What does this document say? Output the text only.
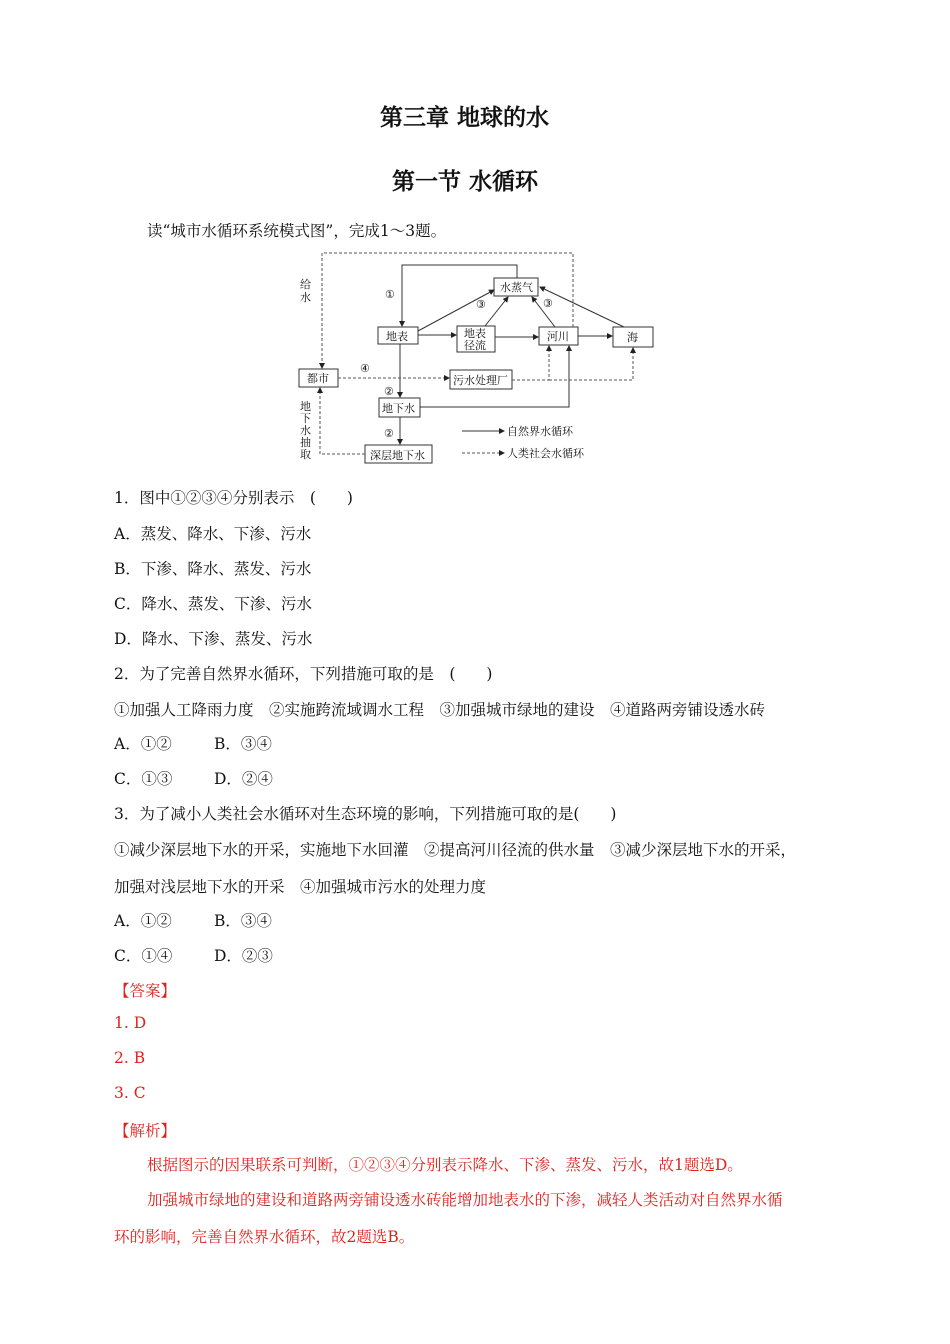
第三章 地球的水
第一节 水循环
读“城市水循环系统模式图”，完成1～3题。
水蒸气
地表	地表
径流
河川	海
都市	污水处理厂
地下水
深层地下水
给
水
地
下
水
抽
取
①
③	③
④
②
②	自然界水循环
人类社会水循环
1．图中①②③④分别表示　(　　)
A．蒸发、降水、下渗、污水
B．下渗、降水、蒸发、污水
C．降水、蒸发、下渗、污水
D．降水、下渗、蒸发、污水
2．为了完善自然界水循环，下列措施可取的是　(　　)
①加强人工降雨力度　②实施跨流域调水工程　③加强城市绿地的建设　④道路两旁铺设透水砖
A．①②	B．③④
C．①③	D．②④
3．为了减小人类社会水循环对生态环境的影响，下列措施可取的是(　　)
①减少深层地下水的开采，实施地下水回灌　②提高河川径流的供水量　③减少深层地下水的开采，
加强对浅层地下水的开采　④加强城市污水的处理力度
A．①②	B．③④
C．①④	D．②③
【答案】
1. D
2. B
3. C
【解析】
根据图示的因果联系可判断，①②③④分别表示降水、下渗、蒸发、污水，故1题选D。
加强城市绿地的建设和道路两旁铺设透水砖能增加地表水的下渗，减轻人类活动对自然界水循
环的影响，完善自然界水循环，故2题选B。
